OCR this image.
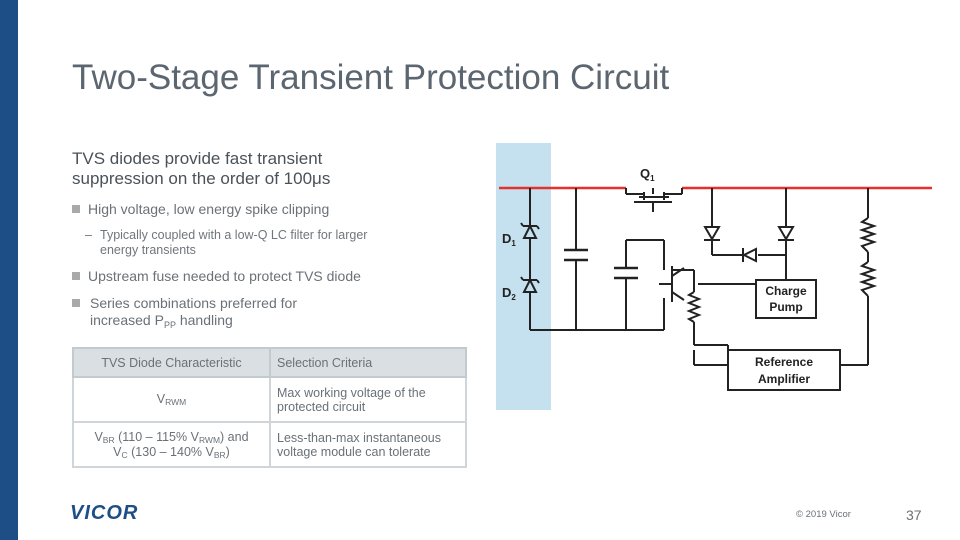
Two-Stage Transient Protection Circuit
TVS diodes provide fast transient suppression on the order of 100μs
High voltage, low energy spike clipping
– Typically coupled with a low-Q LC filter for larger energy transients
Upstream fuse needed to protect TVS diode
Series combinations preferred for increased $P_{PP}$ handling
TVS Diode Characteristic	Selection Criteria
VRWM	Max working voltage of the protected circuit

VBR (110 – 115% VRWM) and
VC (130 – 140% VBR)	Less-than-max instantaneous voltage module can tolerate
$Q_1$
$D_1$
$D_2$	Charge
Pump
Reference
Amplifier
VICOR	© 2019 Vicor	37
